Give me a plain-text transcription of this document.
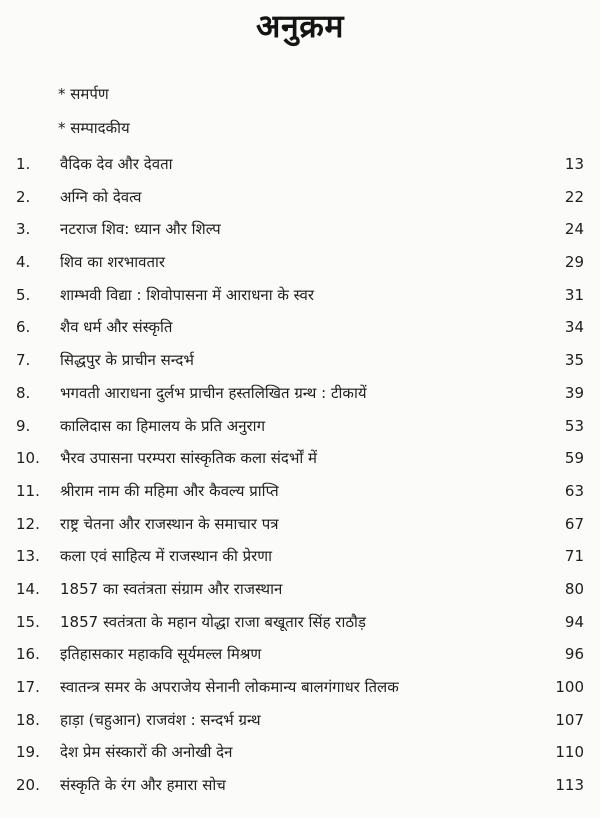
अनुक्रम
* समर्पण
* सम्पादकीय
1.	वैदिक देव और देवता	13
2.	अग्नि को देवत्व	22
3.	नटराज शिव: ध्यान और शिल्प	24
4.	शिव का शरभावतार	29
5.	शाम्भवी विद्या : शिवोपासना में आराधना के स्वर	31
6.	शैव धर्म और संस्कृति	34
7.	सिद्धपुर के प्राचीन सन्दर्भ	35
8.	भगवती आराधना दुर्लभ प्राचीन हस्तलिखित ग्रन्थ : टीकायें	39
9.	कालिदास का हिमालय के प्रति अनुराग	53
10.	भैरव उपासना परम्परा सांस्कृतिक कला संदर्भों में	59
11.	श्रीराम नाम की महिमा और कैवल्य प्राप्ति	63
12.	राष्ट्र चेतना और राजस्थान के समाचार पत्र	67
13.	कला एवं साहित्य में राजस्थान की प्रेरणा	71
14.	1857 का स्वतंत्रता संग्राम और राजस्थान	80
15.	1857 स्वतंत्रता के महान योद्धा राजा बखूतार सिंह राठौड़	94
16.	इतिहासकार महाकवि सूर्यमल्ल मिश्रण	96
17.	स्वातन्त्र समर के अपराजेय सेनानी लोकमान्य बालगंगाधर तिलक	100
18.	हाड़ा (चहुआन) राजवंश : सन्दर्भ ग्रन्थ	107
19.	देश प्रेम संस्कारों की अनोखी देन	110
20.	संस्कृति के रंग और हमारा सोच	113
